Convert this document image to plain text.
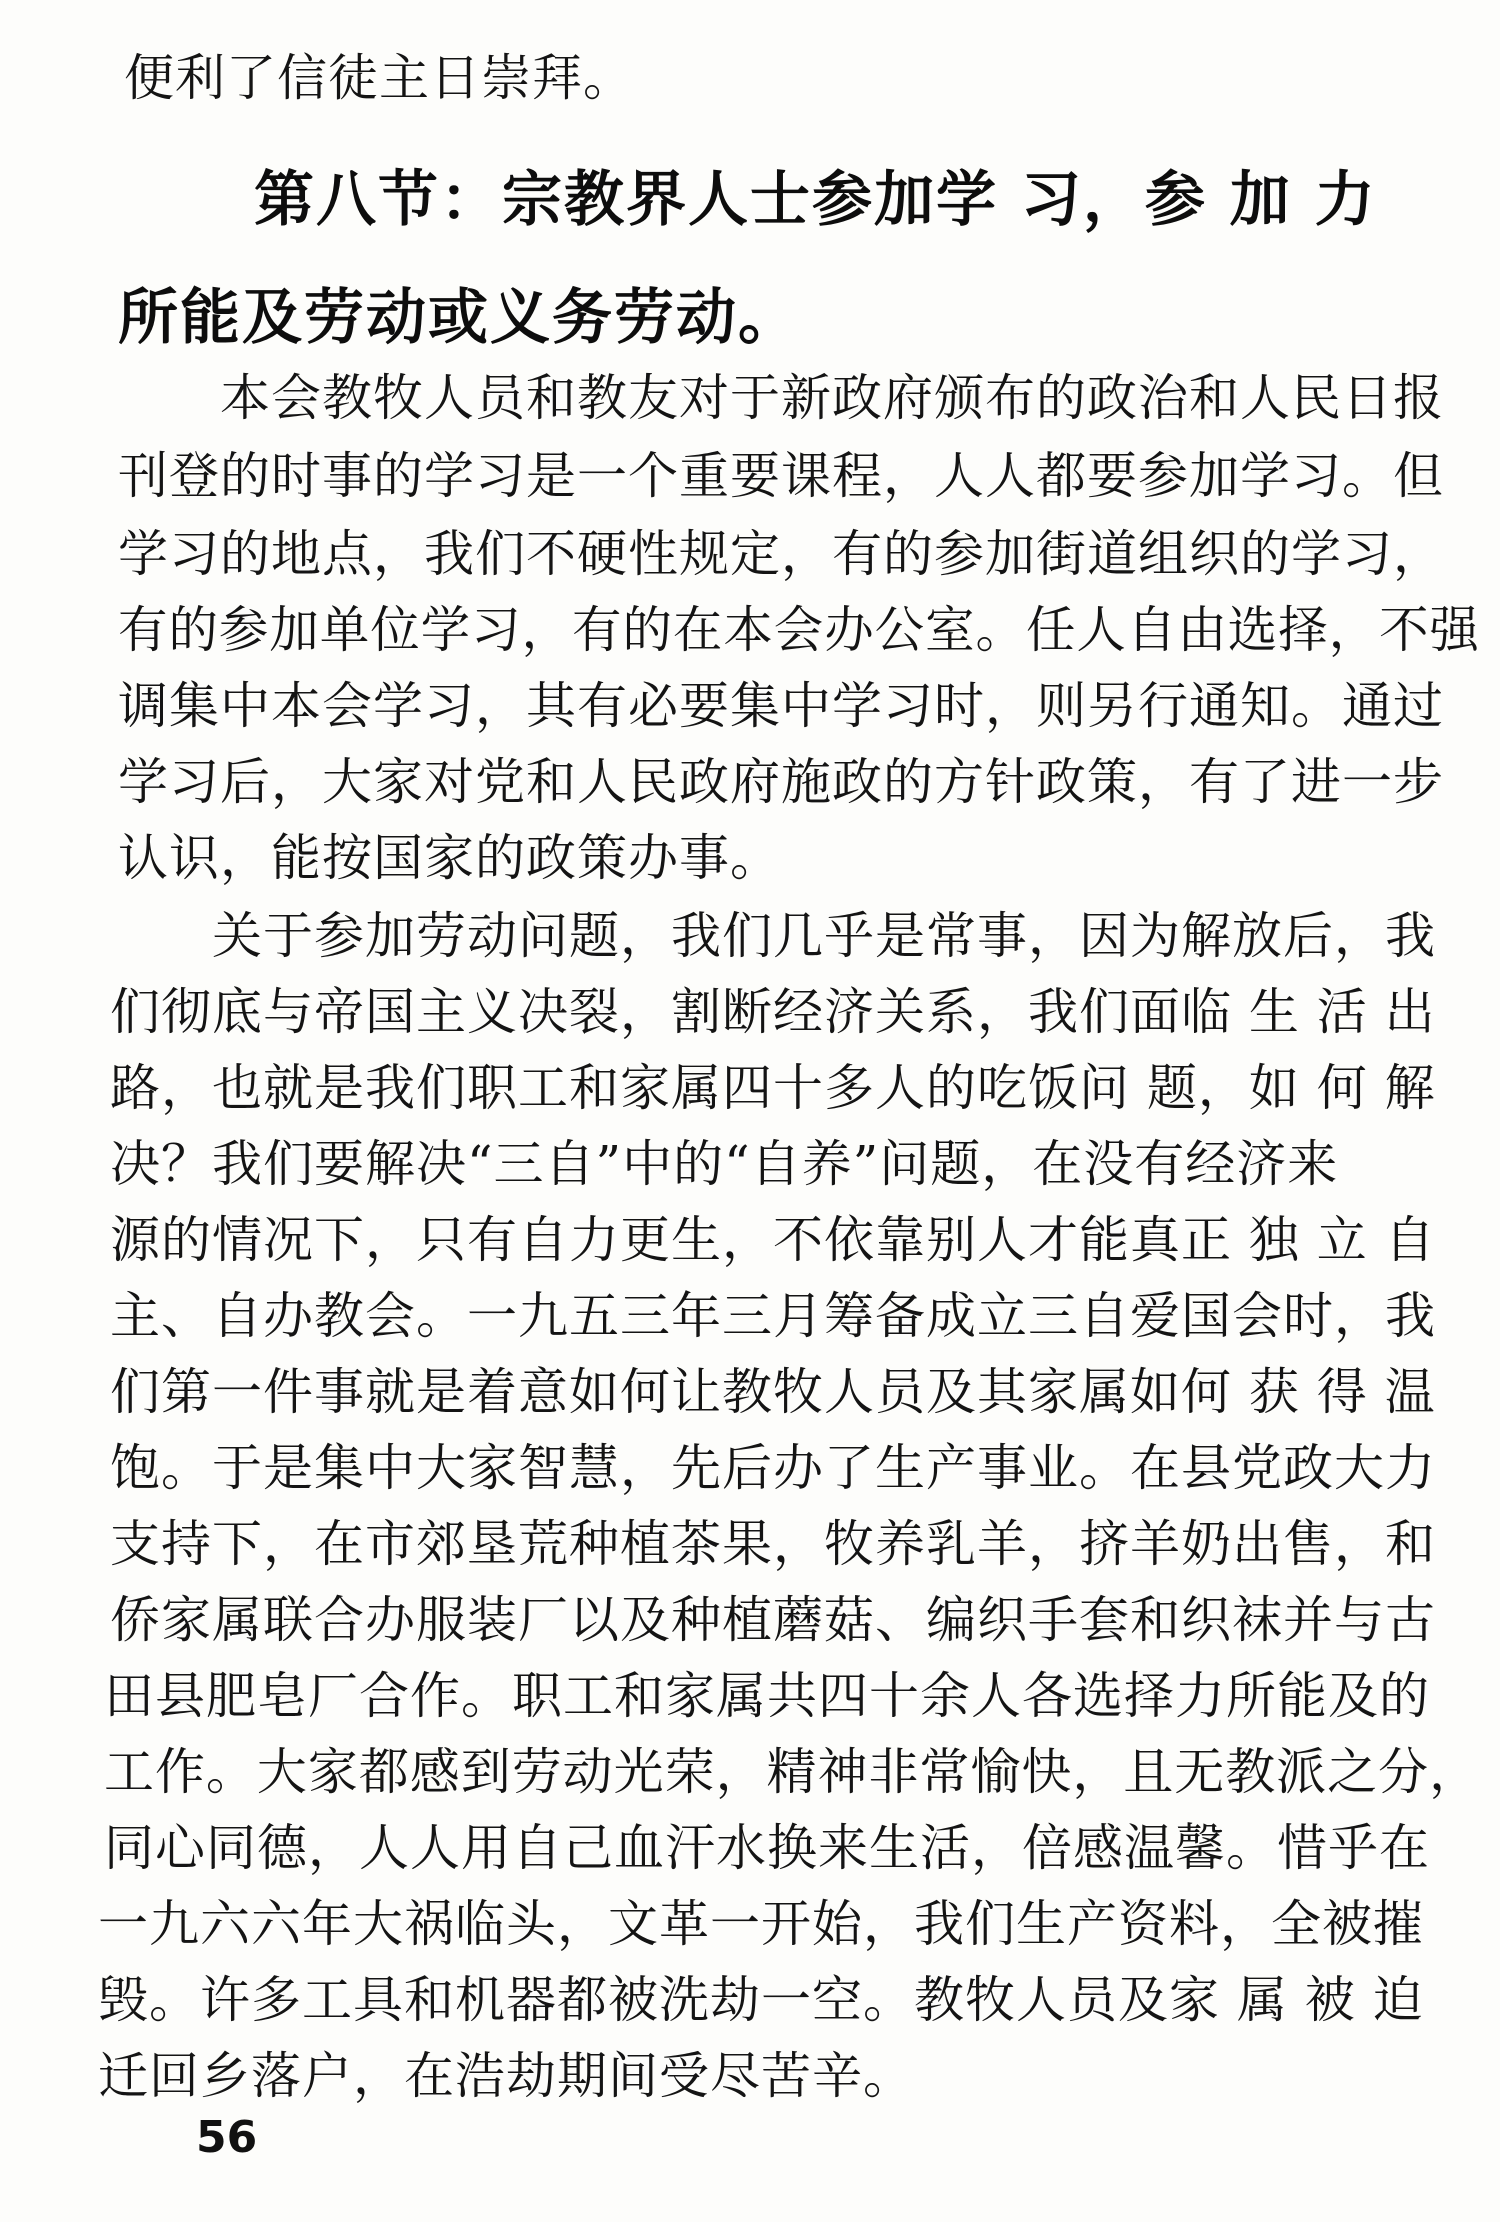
便利了信徒主日崇拜。
第八节：宗教界人士参加学 习，参 加 力
所能及劳动或义务劳动。
本会教牧人员和教友对于新政府颁布的政治和人民日报
刊登的时事的学习是一个重要课程，人人都要参加学习。但
学习的地点，我们不硬性规定，有的参加街道组织的学习，
有的参加单位学习，有的在本会办公室。任人自由选择，不强
调集中本会学习，其有必要集中学习时，则另行通知。通过
学习后，大家对党和人民政府施政的方针政策，有了进一步
认识，能按国家的政策办事。
关于参加劳动问题，我们几乎是常事，因为解放后，我
们彻底与帝国主义决裂，割断经济关系，我们面临 生 活 出
路，也就是我们职工和家属四十多人的吃饭问 题，如 何 解
决？我们要解决“三自”中的“自养”问题，在没有经济来
源的情况下，只有自力更生，不依靠别人才能真正 独 立 自
主、自办教会。一九五三年三月筹备成立三自爱国会时，我
们第一件事就是着意如何让教牧人员及其家属如何 获 得 温
饱。于是集中大家智慧，先后办了生产事业。在县党政大力
支持下，在市郊垦荒种植茶果，牧养乳羊，挤羊奶出售，和
侨家属联合办服装厂以及种植蘑菇、编织手套和织袜并与古
田县肥皂厂合作。职工和家属共四十余人各选择力所能及的
工作。大家都感到劳动光荣，精神非常愉快，且无教派之分，
同心同德，人人用自己血汗水换来生活，倍感温馨。惜乎在
一九六六年大祸临头，文革一开始，我们生产资料，全被摧
毁。许多工具和机器都被洗劫一空。教牧人员及家 属 被 迫
迁回乡落户，在浩劫期间受尽苦辛。
56
